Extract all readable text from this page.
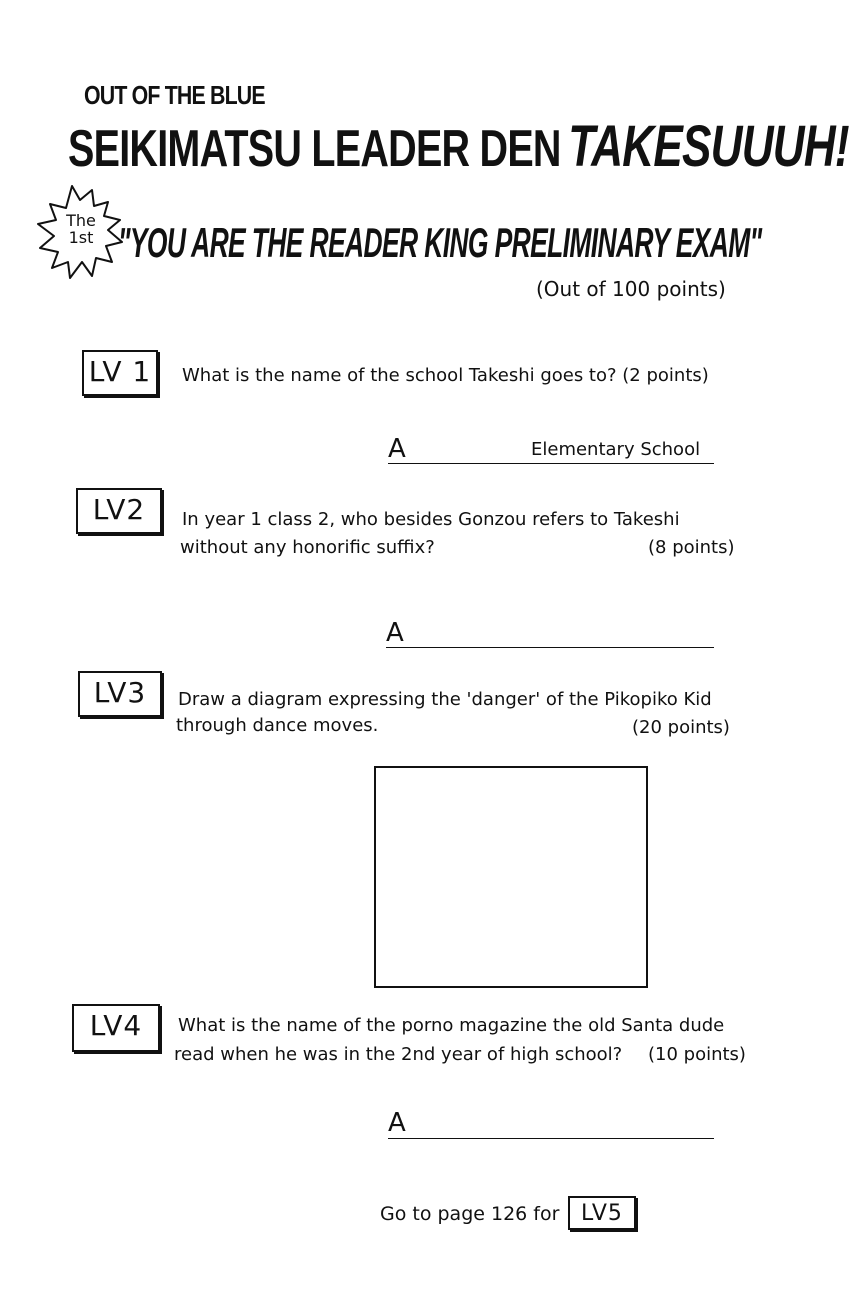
OUT OF THE BLUE
SEIKIMATSU LEADER DEN TAKESUUUH!
The
1st "YOU ARE THE READER KING PRELIMINARY EXAM"
(Out of 100 points)
LV 1	What is the name of the school Takeshi goes to? (2 points)
A	Elementary School
LV2	In year 1 class 2, who besides Gonzou refers to Takeshi
without any honorific suffix?	(8 points)
A
LV3	Draw a diagram expressing the 'danger' of the Pikopiko Kid
through dance moves.	(20 points)
LV4	What is the name of the porno magazine the old Santa dude
read when he was in the 2nd year of high school? (10 points)
A
Go to page 126 for LV5
